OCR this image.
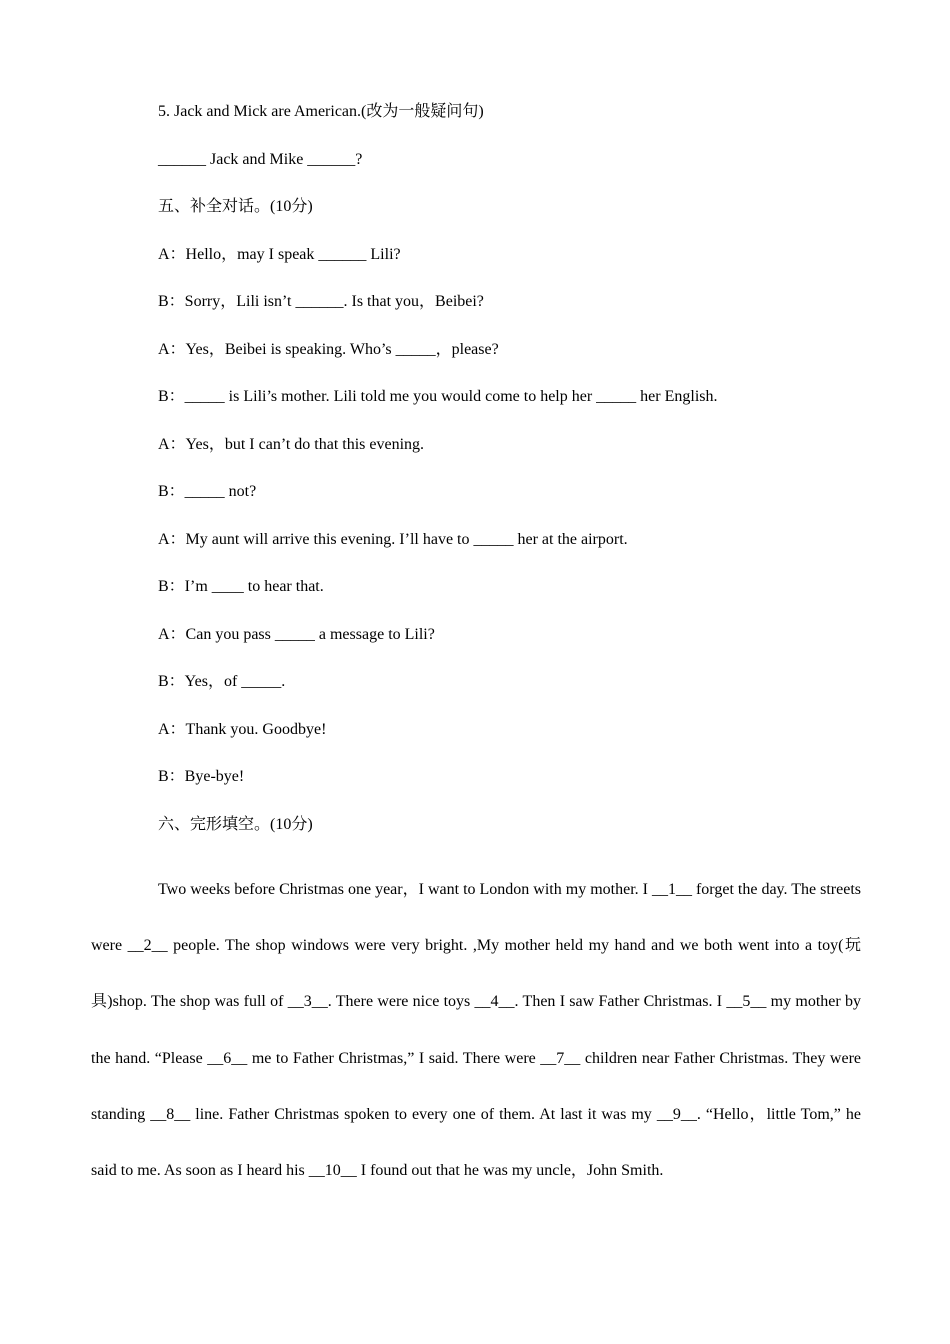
5. Jack and Mick are American.(改为一般疑问句)
______ Jack and Mike ______?
五、补全对话。(10分)
A：Hello，may I speak ______ Lili?
B：Sorry，Lili isn’t ______. Is that you，Beibei?
A：Yes，Beibei is speaking. Who’s _____，please?
B：_____ is Lili’s mother. Lili told me you would come to help her _____ her English.
A：Yes，but I can’t do that this evening.
B：_____ not?
A：My aunt will arrive this evening. I’ll have to _____ her at the airport.
B：I’m ____ to hear that.
A：Can you pass _____ a message to Lili?
B：Yes，of _____.
A：Thank you. Goodbye!
B：Bye-bye!
六、完形填空。(10分)
Two weeks before Christmas one year，I want to London with my mother. I __1__ forget the day. The streets were __2__ people. The shop windows were very bright. ,My mother held my hand and we both went into a toy(玩具)shop. The shop was full of __3__. There were nice toys __4__. Then I saw Father Christmas. I __5__ my mother by the hand. “Please __6__ me to Father Christmas,” I said. There were __7__ children near Father Christmas. They were standing __8__ line. Father Christmas spoken to every one of them. At last it was my __9__. “Hello，little Tom,” he said to me. As soon as I heard his __10__ I found out that he was my uncle，John Smith.
